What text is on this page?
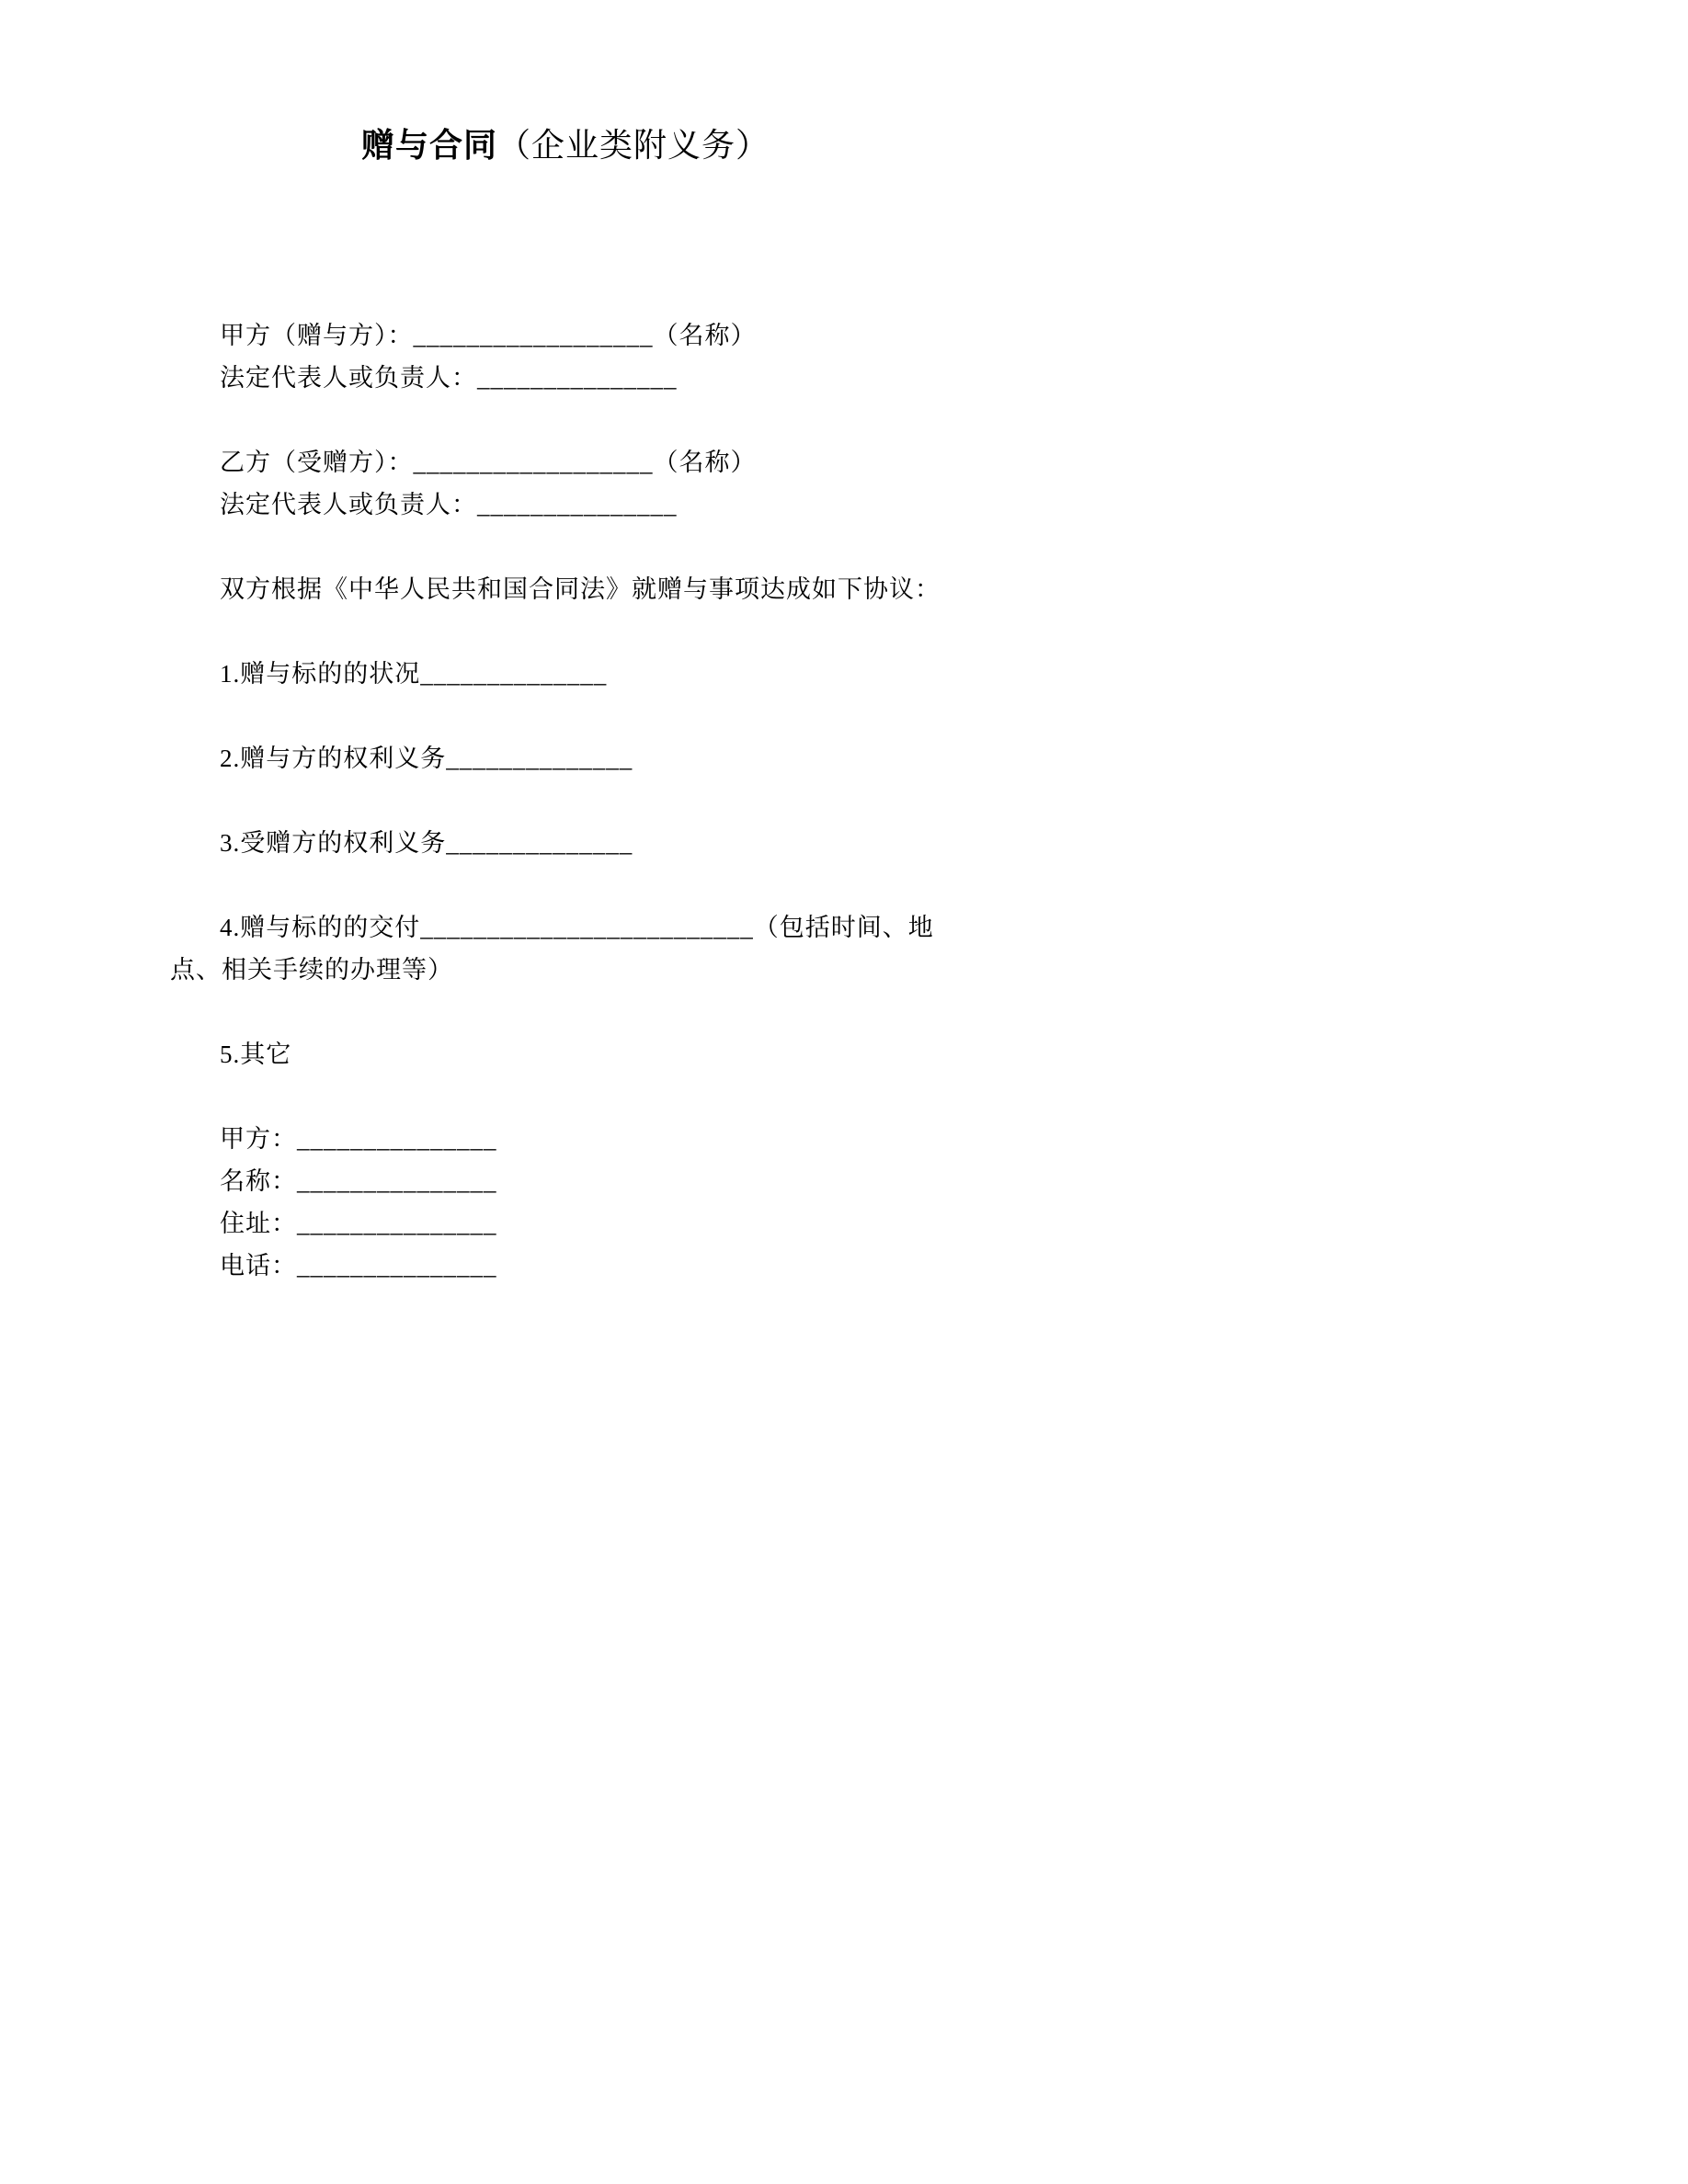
赠与合同（企业类附义务）

甲方（赠与方）：__________________（名称）

法定代表人或负责人：_______________

乙方（受赠方）：__________________（名称）

法定代表人或负责人：_______________

双方根据《中华人民共和国合同法》就赠与事项达成如下协议：

1.赠与标的的状况______________

2.赠与方的权利义务______________

3.受赠方的权利义务______________

4.赠与标的的交付_________________________（包括时间、地点、相关手续的办理等）

5.其它

甲方：_______________

名称：_______________

住址：_______________

电话：_______________
